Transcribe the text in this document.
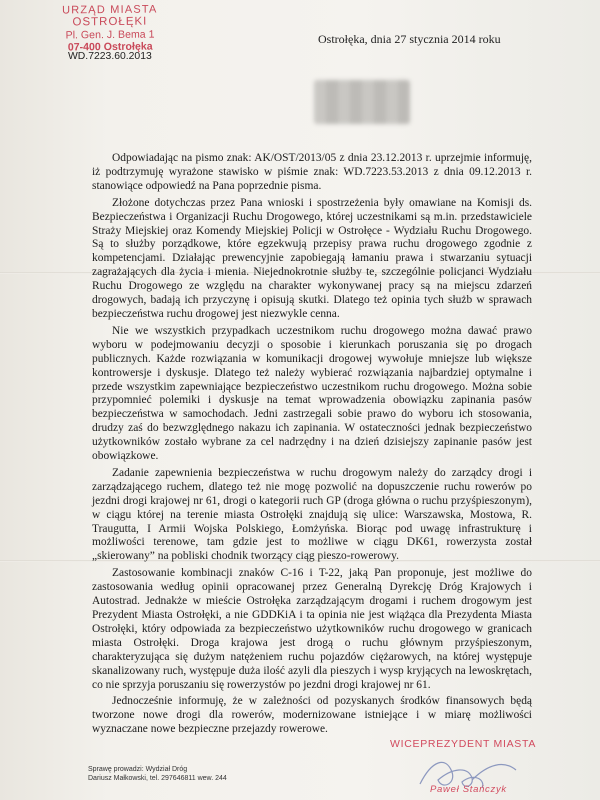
URZĄD MIASTA
OSTROŁĘKI
Pl. Gen. J. Bema 1
07-400 Ostrołęka
WD.7223.60.2013
Ostrołęka, dnia 27 stycznia 2014 roku

Odpowiadając na pismo znak: AK/OST/2013/05 z dnia 23.12.2013 r. uprzejmie informuję, iż podtrzymuję wyrażone stawisko w piśmie znak: WD.7223.53.2013 z dnia 09.12.2013 r. stanowiące odpowiedź na Pana poprzednie pisma.

Złożone dotychczas przez Pana wnioski i spostrzeżenia były omawiane na Komisji ds. Bezpieczeństwa i Organizacji Ruchu Drogowego, której uczestnikami są m.in. przedstawiciele Straży Miejskiej oraz Komendy Miejskiej Policji w Ostrołęce - Wydziału Ruchu Drogowego. Są to służby porządkowe, które egzekwują przepisy prawa ruchu drogowego zgodnie z kompetencjami. Działając prewencyjnie zapobiegają łamaniu prawa i stwarzaniu sytuacji zagrażających dla życia i mienia. Niejednokrotnie służby te, szczególnie policjanci Wydziału Ruchu Drogowego ze względu na charakter wykonywanej pracy są na miejscu zdarzeń drogowych, badają ich przyczynę i opisują skutki. Dlatego też opinia tych służb w sprawach bezpieczeństwa ruchu drogowej jest niezwykle cenna.

Nie we wszystkich przypadkach uczestnikom ruchu drogowego można dawać prawo wyboru w podejmowaniu decyzji o sposobie i kierunkach poruszania się po drogach publicznych. Każde rozwiązania w komunikacji drogowej wywołuje mniejsze lub większe kontrowersje i dyskusje. Dlatego też należy wybierać rozwiązania najbardziej optymalne i przede wszystkim zapewniające bezpieczeństwo uczestnikom ruchu drogowego. Można sobie przypomnieć polemiki i dyskusje na temat wprowadzenia obowiązku zapinania pasów bezpieczeństwa w samochodach. Jedni zastrzegali sobie prawo do wyboru ich stosowania, drudzy zaś do bezwzględnego nakazu ich zapinania. W ostateczności jednak bezpieczeństwo użytkowników zostało wybrane za cel nadrzędny i na dzień dzisiejszy zapinanie pasów jest obowiązkowe.

Zadanie zapewnienia bezpieczeństwa w ruchu drogowym należy do zarządcy drogi i zarządzającego ruchem, dlatego też nie mogę pozwolić na dopuszczenie ruchu rowerów po jezdni drogi krajowej nr 61, drogi o kategorii ruch GP (droga główna o ruchu przyśpieszonym), w ciągu której na terenie miasta Ostrołęki znajdują się ulice: Warszawska, Mostowa, R. Traugutta, I Armii Wojska Polskiego, Łomżyńska. Biorąc pod uwagę infrastrukturę i możliwości terenowe, tam gdzie jest to możliwe w ciągu DK61, rowerzysta został „skierowany” na pobliski chodnik tworzący ciąg pieszo-rowerowy.

Zastosowanie kombinacji znaków C-16 i T-22, jaką Pan proponuje, jest możliwe do zastosowania według opinii opracowanej przez Generalną Dyrekcję Dróg Krajowych i Autostrad. Jednakże w mieście Ostrołęka zarządzającym drogami i ruchem drogowym jest Prezydent Miasta Ostrołęki, a nie GDDKiA i ta opinia nie jest wiążąca dla Prezydenta Miasta Ostrołęki, który odpowiada za bezpieczeństwo użytkowników ruchu drogowego w granicach miasta Ostrołęki. Droga krajowa jest drogą o ruchu głównym przyśpieszonym, charakteryzująca się dużym natężeniem ruchu pojazdów ciężarowych, na której występuje skanalizowany ruch, występuje duża ilość azyli dla pieszych i wysp kryjących na lewoskrętach, co nie sprzyja poruszaniu się rowerzystów po jezdni drogi krajowej nr 61.

Jednocześnie informuję, że w zależności od pozyskanych środków finansowych będą tworzone nowe drogi dla rowerów, modernizowane istniejące i w miarę możliwości wyznaczane nowe bezpieczne przejazdy rowerowe.

WICEPREZYDENT MIASTA
Paweł Stańczyk
Sprawę prowadzi: Wydział Dróg
Dariusz Małkowski, tel. 297646811 wew. 244
